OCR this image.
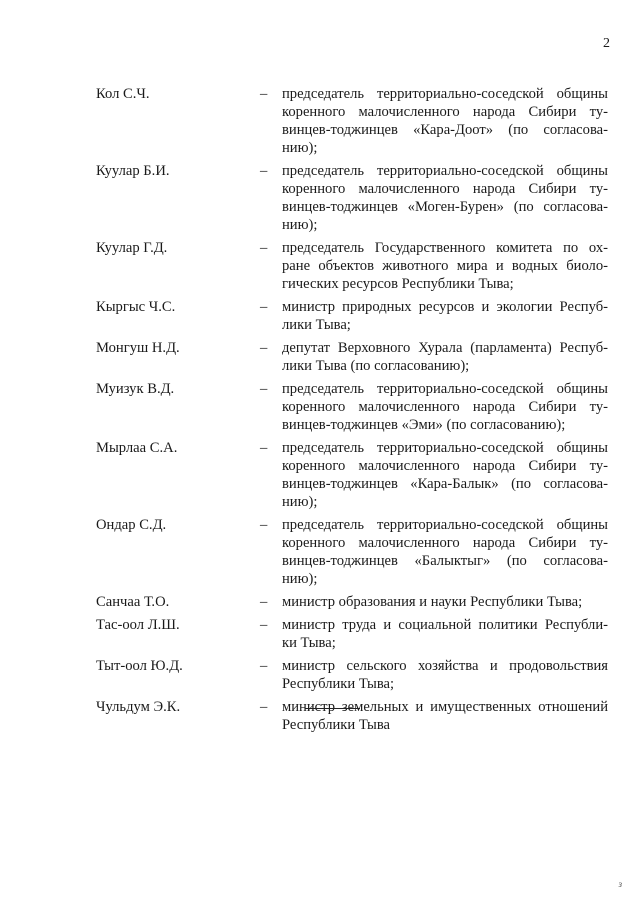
2
Кол С.Ч.	–	председатель территориально-соседской общины
коренного малочисленного народа Сибири ту-
винцев-тоджинцев «Кара-Доот» (по согласова-
нию);
Куулар Б.И.	–	председатель территориально-соседской общины
коренного малочисленного народа Сибири ту-
винцев-тоджинцев «Моген-Бурен» (по согласова-
нию);
Куулар Г.Д.	–	председатель Государственного комитета по ох-
ране объектов животного мира и водных биоло-
гических ресурсов Республики Тыва;
Кыргыс Ч.С.	–	министр природных ресурсов и экологии Респуб-
лики Тыва;
Монгуш Н.Д.	–	депутат Верховного Хурала (парламента) Респуб-
лики Тыва (по согласованию);
Муизук В.Д.	–	председатель территориально-соседской общины
коренного малочисленного народа Сибири ту-
винцев-тоджинцев «Эми» (по согласованию);
Мырлаа С.А.	–	председатель территориально-соседской общины
коренного малочисленного народа Сибири ту-
винцев-тоджинцев «Кара-Балык» (по согласова-
нию);
Ондар С.Д.	–	председатель территориально-соседской общины
коренного малочисленного народа Сибири ту-
винцев-тоджинцев «Балыктыг» (по согласова-
нию);
Санчаа Т.О.	–	министр образования и науки Республики Тыва;
Тас-оол Л.Ш.	–	министр труда и социальной политики Республи-
ки Тыва;
Тыт-оол Ю.Д.	–	министр сельского хозяйства и продовольствия
Республики Тыва;
Чульдум Э.К.	–	министр земельных и имущественных отношений
Республики Тыва
з
